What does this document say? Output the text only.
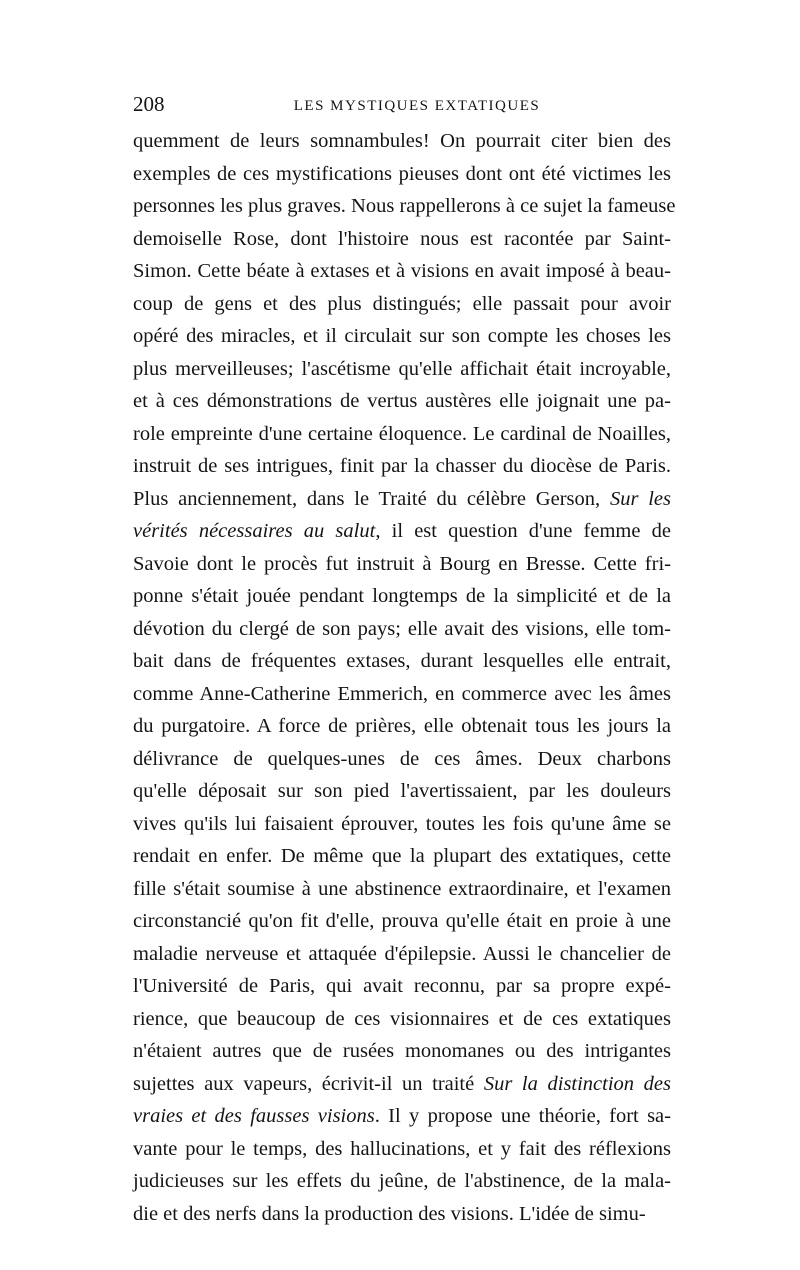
208	LES MYSTIQUES EXTATIQUES
quemment de leurs somnambules! On pourrait citer bien des
exemples de ces mystifications pieuses dont ont été victimes les
personnes les plus graves. Nous rappellerons à ce sujet la fameuse
demoiselle Rose, dont l'histoire nous est racontée par Saint-
Simon. Cette béate à extases et à visions en avait imposé à beau-
coup de gens et des plus distingués; elle passait pour avoir
opéré des miracles, et il circulait sur son compte les choses les
plus merveilleuses; l'ascétisme qu'elle affichait était incroyable,
et à ces démonstrations de vertus austères elle joignait une pa-
role empreinte d'une certaine éloquence. Le cardinal de Noailles,
instruit de ses intrigues, finit par la chasser du diocèse de Paris.
Plus anciennement, dans le Traité du célèbre Gerson, Sur les
vérités nécessaires au salut, il est question d'une femme de
Savoie dont le procès fut instruit à Bourg en Bresse. Cette fri-
ponne s'était jouée pendant longtemps de la simplicité et de la
dévotion du clergé de son pays; elle avait des visions, elle tom-
bait dans de fréquentes extases, durant lesquelles elle entrait,
comme Anne-Catherine Emmerich, en commerce avec les âmes
du purgatoire. A force de prières, elle obtenait tous les jours la
délivrance de quelques-unes de ces âmes. Deux charbons
qu'elle déposait sur son pied l'avertissaient, par les douleurs
vives qu'ils lui faisaient éprouver, toutes les fois qu'une âme se
rendait en enfer. De même que la plupart des extatiques, cette
fille s'était soumise à une abstinence extraordinaire, et l'examen
circonstancié qu'on fit d'elle, prouva qu'elle était en proie à une
maladie nerveuse et attaquée d'épilepsie. Aussi le chancelier de
l'Université de Paris, qui avait reconnu, par sa propre expé-
rience, que beaucoup de ces visionnaires et de ces extatiques
n'étaient autres que de rusées monomanes ou des intrigantes
sujettes aux vapeurs, écrivit-il un traité Sur la distinction des
vraies et des fausses visions. Il y propose une théorie, fort sa-
vante pour le temps, des hallucinations, et y fait des réflexions
judicieuses sur les effets du jeûne, de l'abstinence, de la mala-
die et des nerfs dans la production des visions. L'idée de simu-
